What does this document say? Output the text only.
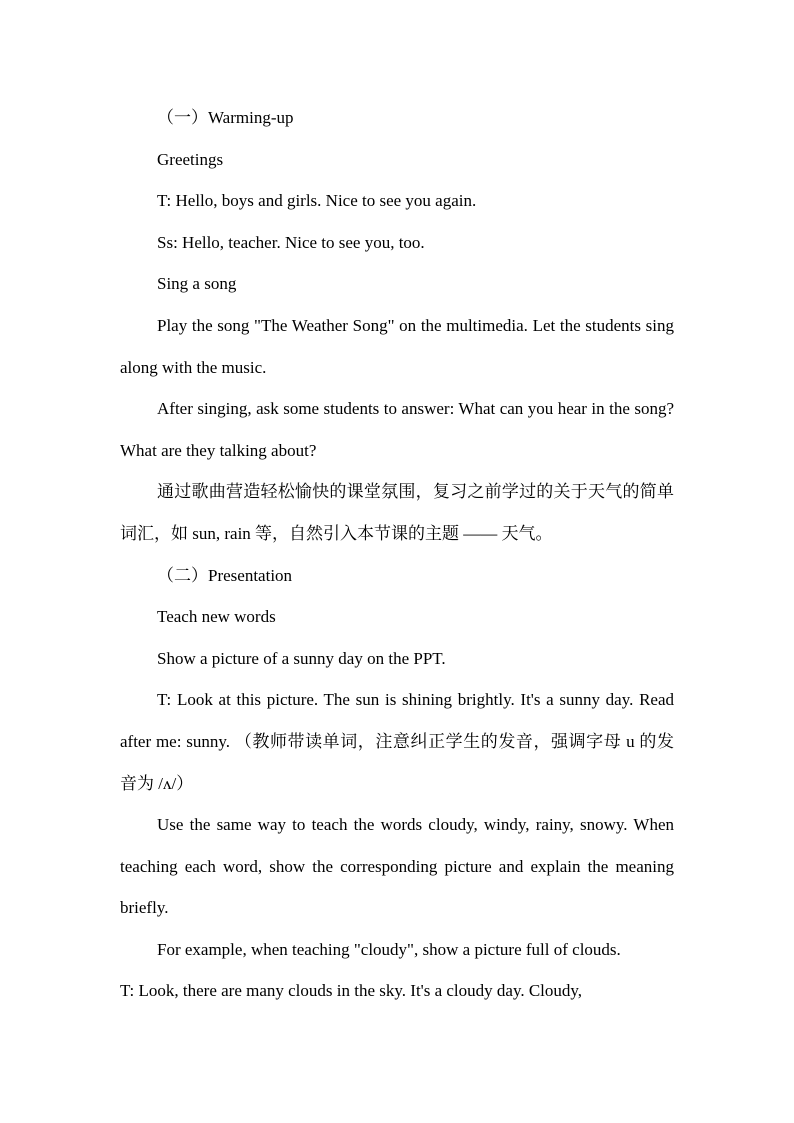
（一）Warming-up

Greetings

T: Hello, boys and girls. Nice to see you again.

Ss: Hello, teacher. Nice to see you, too.

Sing a song

Play the song "The Weather Song" on the multimedia. Let the students sing along with the music.

After singing, ask some students to answer: What can you hear in the song? What are they talking about?

通过歌曲营造轻松愉快的课堂氛围，复习之前学过的关于天气的简单词汇，如 sun, rain 等，自然引入本节课的主题 —— 天气。

（二）Presentation

Teach new words

Show a picture of a sunny day on the PPT.

T: Look at this picture. The sun is shining brightly. It's a sunny day. Read after me: sunny. （教师带读单词，注意纠正学生的发音，强调字母 u 的发音为 /ʌ/）

Use the same way to teach the words cloudy, windy, rainy, snowy. When teaching each word, show the corresponding picture and explain the meaning briefly.

For example, when teaching "cloudy", show a picture full of clouds.

T: Look, there are many clouds in the sky. It's a cloudy day. Cloudy,
